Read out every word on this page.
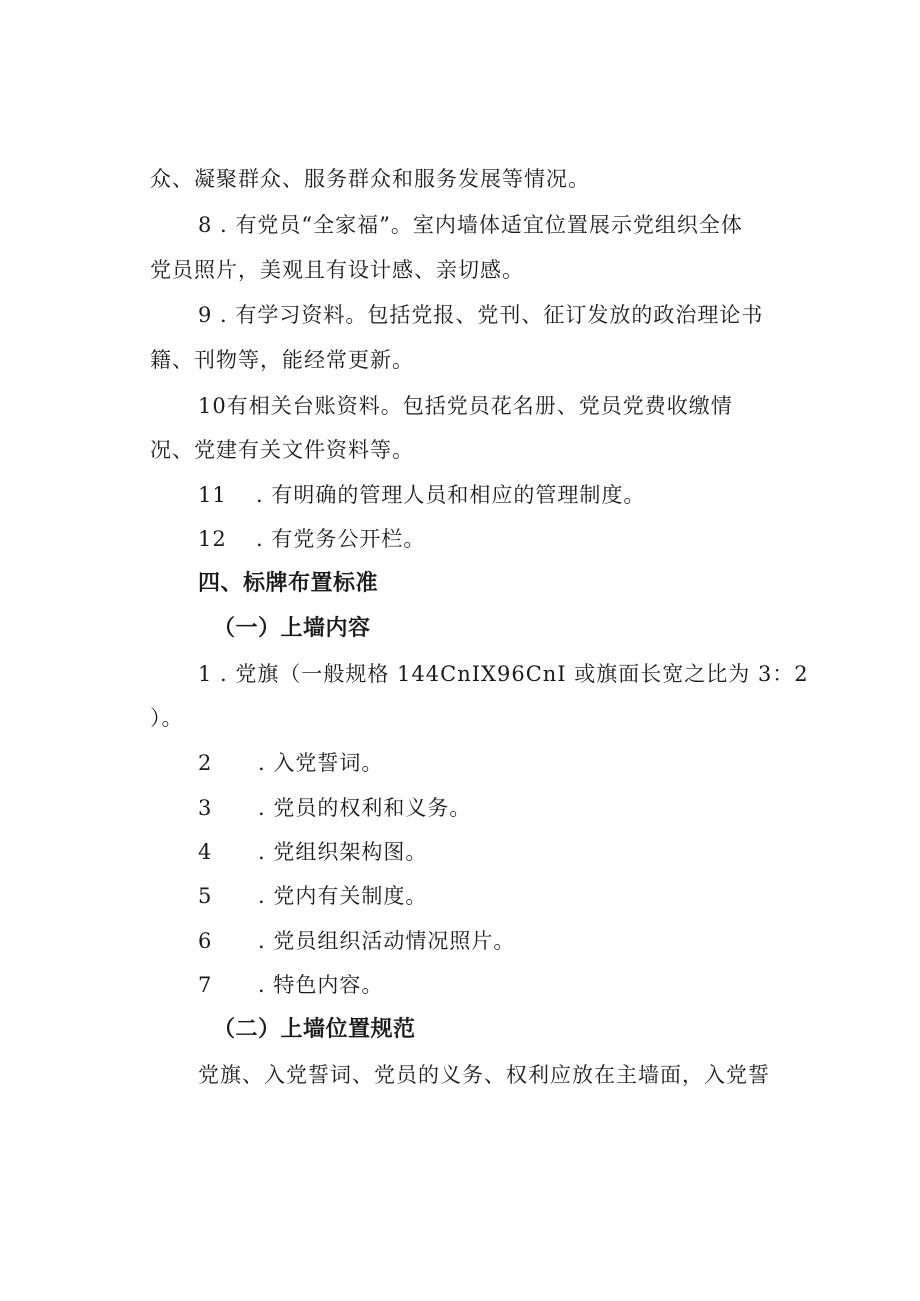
众、凝聚群众、服务群众和服务发展等情况。
8 . 有党员“全家福”。室内墙体适宜位置展示党组织全体
党员照片，美观且有设计感、亲切感。
9 . 有学习资料。包括党报、党刊、征订发放的政治理论书
籍、刊物等，能经常更新。
10有相关台账资料。包括党员花名册、党员党费收缴情
况、党建有关文件资料等。
11 . 有明确的管理人员和相应的管理制度。
12 . 有党务公开栏。
四、标牌布置标准
（一）上墙内容
1 . 党旗（一般规格 144CnIX96CnI 或旗面长宽之比为 3：2
）。
2 . 入党誓词。
3 . 党员的权利和义务。
4 . 党组织架构图。
5 . 党内有关制度。
6 . 党员组织活动情况照片。
7 . 特色内容。
（二）上墙位置规范
党旗、入党誓词、党员的义务、权利应放在主墙面，入党誓
